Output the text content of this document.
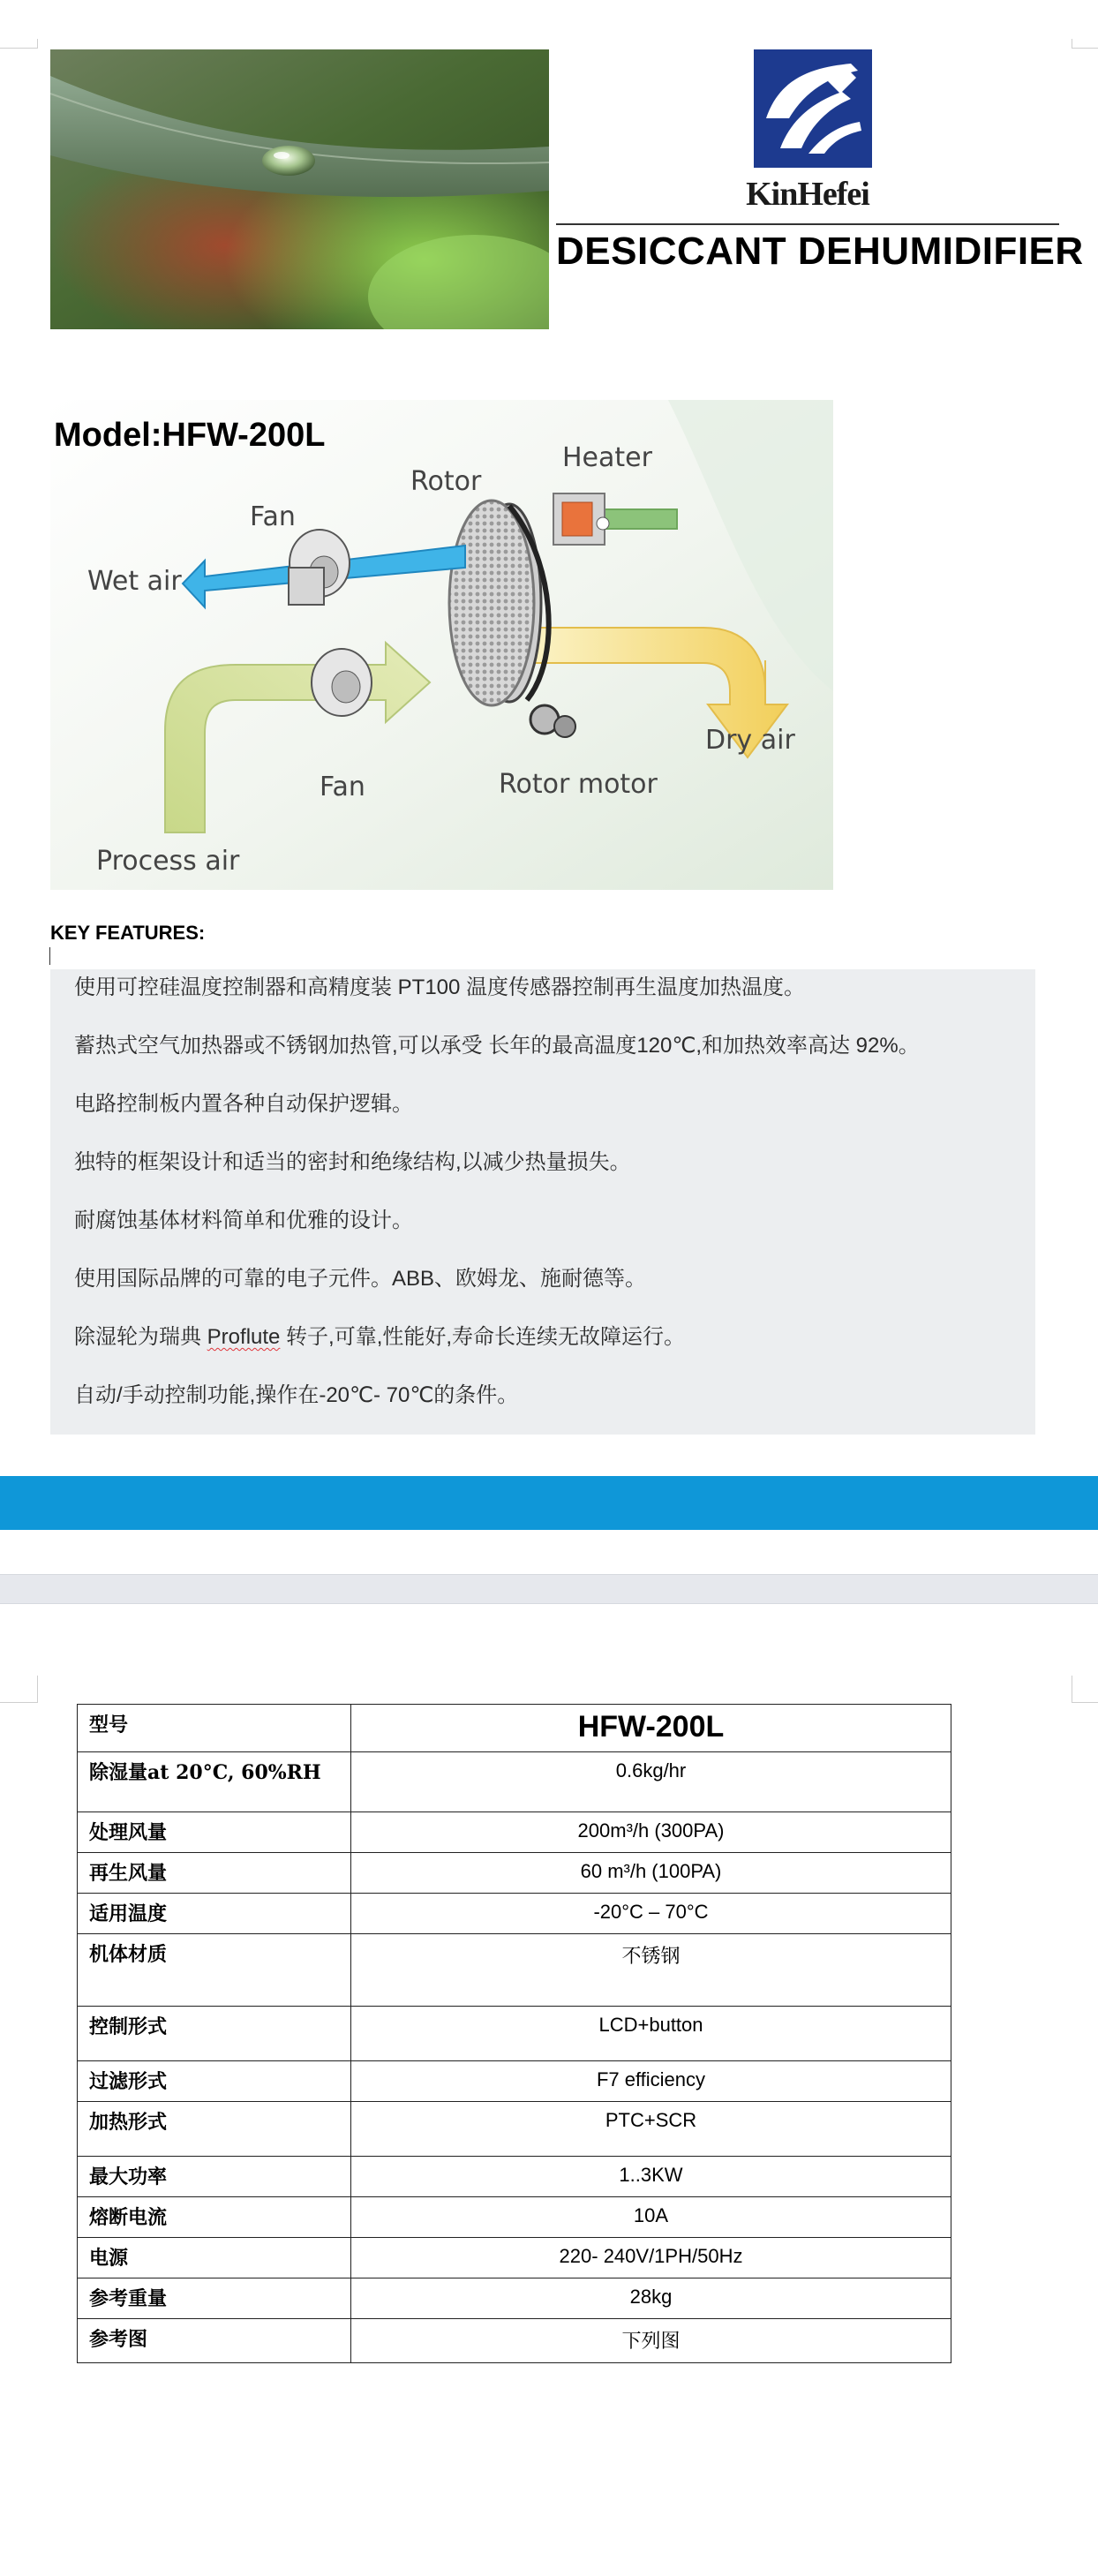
KinHefei
DESICCANT DEHUMIDIFIER
Model:HFW-200L
Rotor
Heater
Fan
Wet air
Dry air
Fan	Rotor motor
Process air
KEY FEATURES:
使用可控硅温度控制器和高精度装 PT100 温度传感器控制再生温度加热温度。
蓄热式空气加热器或不锈钢加热管,可以承受 长年的最高温度120℃,和加热效率高达 92%。
电路控制板内置各种自动保护逻辑。
独特的框架设计和适当的密封和绝缘结构,以减少热量损失。
耐腐蚀基体材料简单和优雅的设计。
使用国际品牌的可靠的电子元件。ABB、欧姆龙、施耐德等。
除湿轮为瑞典 Proflute 转子,可靠,性能好,寿命长连续无故障运行。
自动/手动控制功能,操作在-20℃- 70℃的条件。
型号	HFW-200L
除湿量at 20°C, 60%RH	0.6kg/hr
处理风量	200m³/h (300PA)
再生风量	60 m³/h (100PA)
适用温度	-20°C – 70°C
机体材质	不锈钢
控制形式	LCD+button
过滤形式	F7 efficiency
加热形式	PTC+SCR
最大功率	1..3KW
熔断电流	10A
电源	220- 240V/1PH/50Hz
参考重量	28kg
参考图	下列图
